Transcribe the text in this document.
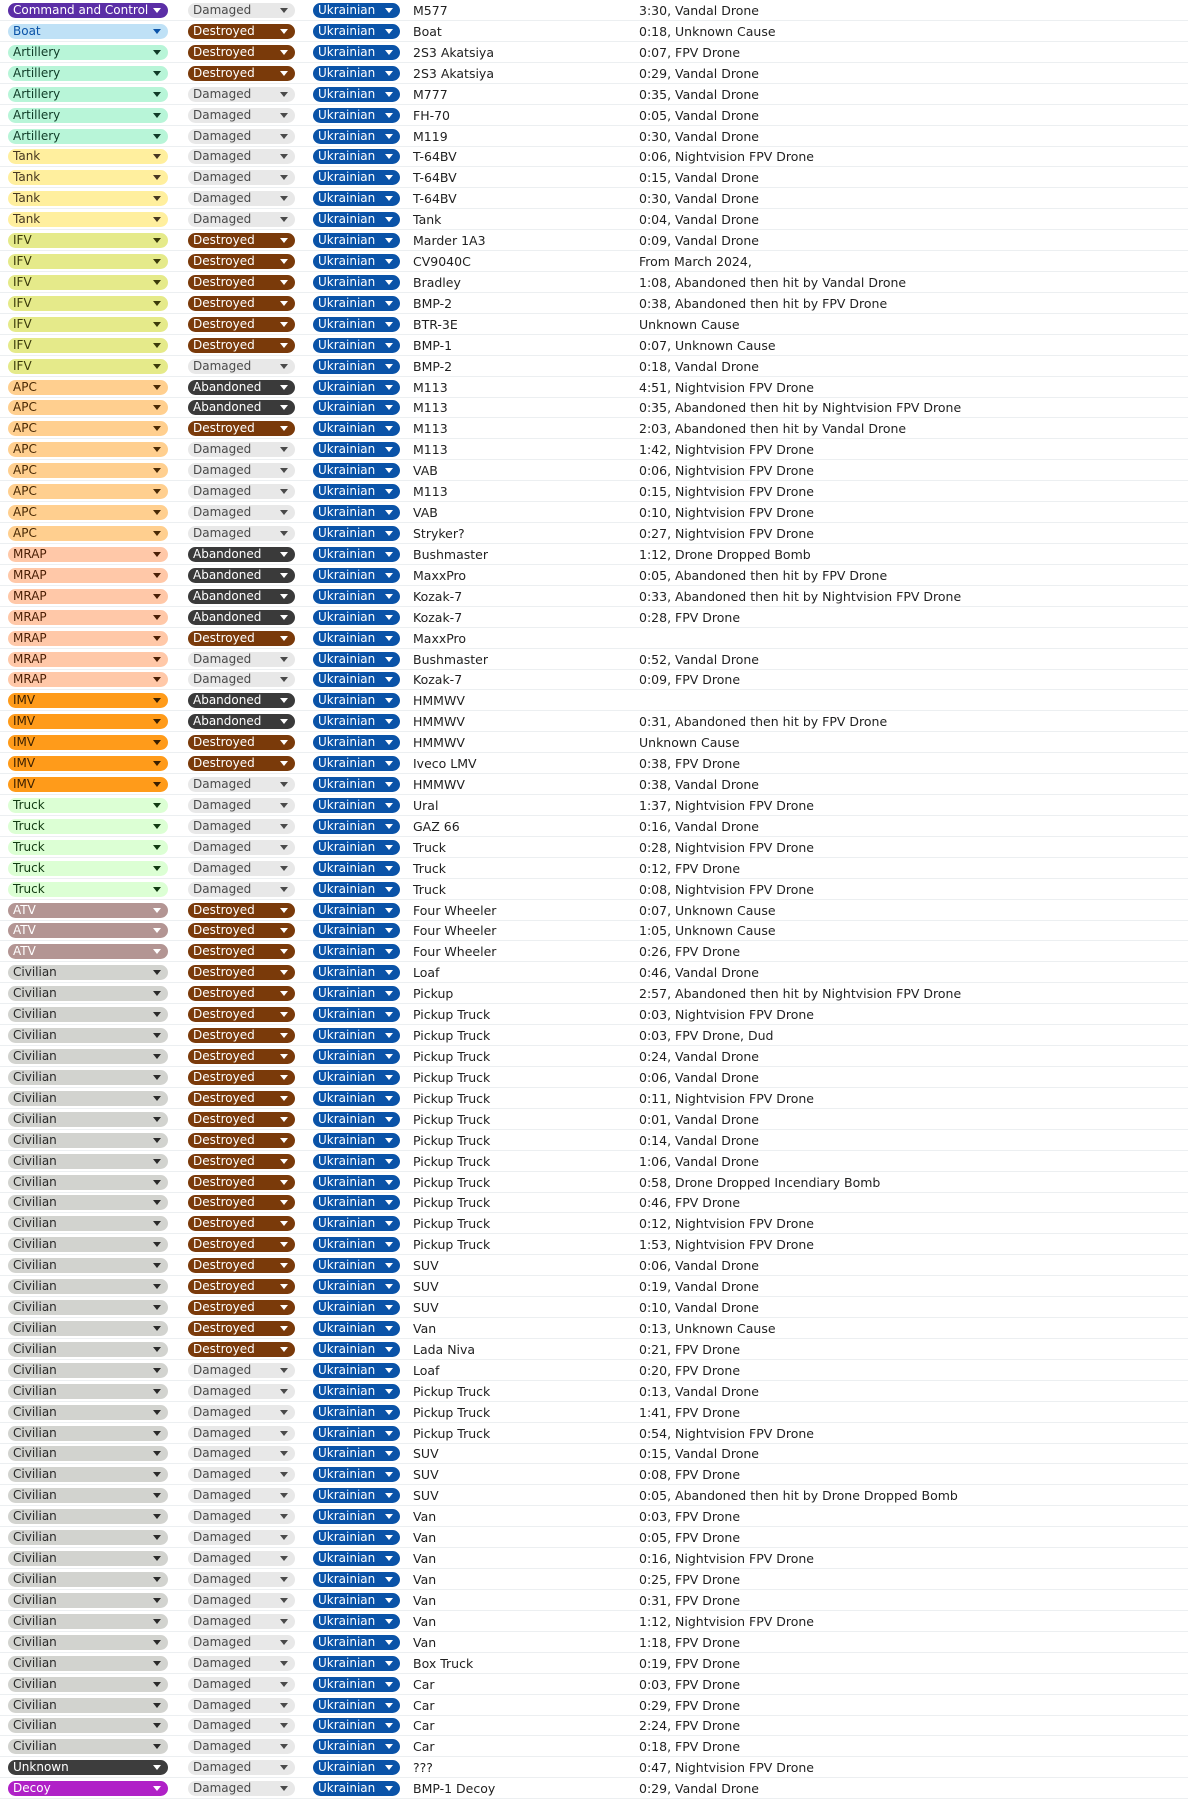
Command and Control	Damaged	Ukrainian	M577	3:30, Vandal Drone
Boat	Destroyed	Ukrainian	Boat	0:18, Unknown Cause
Artillery	Destroyed	Ukrainian	2S3 Akatsiya	0:07, FPV Drone
Artillery	Destroyed	Ukrainian	2S3 Akatsiya	0:29, Vandal Drone
Artillery	Damaged	Ukrainian	M777	0:35, Vandal Drone
Artillery	Damaged	Ukrainian	FH-70	0:05, Vandal Drone
Artillery	Damaged	Ukrainian	M119	0:30, Vandal Drone
Tank	Damaged	Ukrainian	T-64BV	0:06, Nightvision FPV Drone
Tank	Damaged	Ukrainian	T-64BV	0:15, Vandal Drone
Tank	Damaged	Ukrainian	T-64BV	0:30, Vandal Drone
Tank	Damaged	Ukrainian	Tank	0:04, Vandal Drone
IFV	Destroyed	Ukrainian	Marder 1A3	0:09, Vandal Drone
IFV	Destroyed	Ukrainian	CV9040C	From March 2024,
IFV	Destroyed	Ukrainian	Bradley	1:08, Abandoned then hit by Vandal Drone
IFV	Destroyed	Ukrainian	BMP-2	0:38, Abandoned then hit by FPV Drone
IFV	Destroyed	Ukrainian	BTR-3E	Unknown Cause
IFV	Destroyed	Ukrainian	BMP-1	0:07, Unknown Cause
IFV	Damaged	Ukrainian	BMP-2	0:18, Vandal Drone
APC	Abandoned	Ukrainian	M113	4:51, Nightvision FPV Drone
APC	Abandoned	Ukrainian	M113	0:35, Abandoned then hit by Nightvision FPV Drone
APC	Destroyed	Ukrainian	M113	2:03, Abandoned then hit by Vandal Drone
APC	Damaged	Ukrainian	M113	1:42, Nightvision FPV Drone
APC	Damaged	Ukrainian	VAB	0:06, Nightvision FPV Drone
APC	Damaged	Ukrainian	M113	0:15, Nightvision FPV Drone
APC	Damaged	Ukrainian	VAB	0:10, Nightvision FPV Drone
APC	Damaged	Ukrainian	Stryker?	0:27, Nightvision FPV Drone
MRAP	Abandoned	Ukrainian	Bushmaster	1:12, Drone Dropped Bomb
MRAP	Abandoned	Ukrainian	MaxxPro	0:05, Abandoned then hit by FPV Drone
MRAP	Abandoned	Ukrainian	Kozak-7	0:33, Abandoned then hit by Nightvision FPV Drone
MRAP	Abandoned	Ukrainian	Kozak-7	0:28, FPV Drone
MRAP	Destroyed	Ukrainian	MaxxPro
MRAP	Damaged	Ukrainian	Bushmaster	0:52, Vandal Drone
MRAP	Damaged	Ukrainian	Kozak-7	0:09, FPV Drone
IMV	Abandoned	Ukrainian	HMMWV
IMV	Abandoned	Ukrainian	HMMWV	0:31, Abandoned then hit by FPV Drone
IMV	Destroyed	Ukrainian	HMMWV	Unknown Cause
IMV	Destroyed	Ukrainian	Iveco LMV	0:38, FPV Drone
IMV	Damaged	Ukrainian	HMMWV	0:38, Vandal Drone
Truck	Damaged	Ukrainian	Ural	1:37, Nightvision FPV Drone
Truck	Damaged	Ukrainian	GAZ 66	0:16, Vandal Drone
Truck	Damaged	Ukrainian	Truck	0:28, Nightvision FPV Drone
Truck	Damaged	Ukrainian	Truck	0:12, FPV Drone
Truck	Damaged	Ukrainian	Truck	0:08, Nightvision FPV Drone
ATV	Destroyed	Ukrainian	Four Wheeler	0:07, Unknown Cause
ATV	Destroyed	Ukrainian	Four Wheeler	1:05, Unknown Cause
ATV	Destroyed	Ukrainian	Four Wheeler	0:26, FPV Drone
Civilian	Destroyed	Ukrainian	Loaf	0:46, Vandal Drone
Civilian	Destroyed	Ukrainian	Pickup	2:57, Abandoned then hit by Nightvision FPV Drone
Civilian	Destroyed	Ukrainian	Pickup Truck	0:03, Nightvision FPV Drone
Civilian	Destroyed	Ukrainian	Pickup Truck	0:03, FPV Drone, Dud
Civilian	Destroyed	Ukrainian	Pickup Truck	0:24, Vandal Drone
Civilian	Destroyed	Ukrainian	Pickup Truck	0:06, Vandal Drone
Civilian	Destroyed	Ukrainian	Pickup Truck	0:11, Nightvision FPV Drone
Civilian	Destroyed	Ukrainian	Pickup Truck	0:01, Vandal Drone
Civilian	Destroyed	Ukrainian	Pickup Truck	0:14, Vandal Drone
Civilian	Destroyed	Ukrainian	Pickup Truck	1:06, Vandal Drone
Civilian	Destroyed	Ukrainian	Pickup Truck	0:58, Drone Dropped Incendiary Bomb
Civilian	Destroyed	Ukrainian	Pickup Truck	0:46, FPV Drone
Civilian	Destroyed	Ukrainian	Pickup Truck	0:12, Nightvision FPV Drone
Civilian	Destroyed	Ukrainian	Pickup Truck	1:53, Nightvision FPV Drone
Civilian	Destroyed	Ukrainian	SUV	0:06, Vandal Drone
Civilian	Destroyed	Ukrainian	SUV	0:19, Vandal Drone
Civilian	Destroyed	Ukrainian	SUV	0:10, Vandal Drone
Civilian	Destroyed	Ukrainian	Van	0:13, Unknown Cause
Civilian	Destroyed	Ukrainian	Lada Niva	0:21, FPV Drone
Civilian	Damaged	Ukrainian	Loaf	0:20, FPV Drone
Civilian	Damaged	Ukrainian	Pickup Truck	0:13, Vandal Drone
Civilian	Damaged	Ukrainian	Pickup Truck	1:41, FPV Drone
Civilian	Damaged	Ukrainian	Pickup Truck	0:54, Nightvision FPV Drone
Civilian	Damaged	Ukrainian	SUV	0:15, Vandal Drone
Civilian	Damaged	Ukrainian	SUV	0:08, FPV Drone
Civilian	Damaged	Ukrainian	SUV	0:05, Abandoned then hit by Drone Dropped Bomb
Civilian	Damaged	Ukrainian	Van	0:03, FPV Drone
Civilian	Damaged	Ukrainian	Van	0:05, FPV Drone
Civilian	Damaged	Ukrainian	Van	0:16, Nightvision FPV Drone
Civilian	Damaged	Ukrainian	Van	0:25, FPV Drone
Civilian	Damaged	Ukrainian	Van	0:31, FPV Drone
Civilian	Damaged	Ukrainian	Van	1:12, Nightvision FPV Drone
Civilian	Damaged	Ukrainian	Van	1:18, FPV Drone
Civilian	Damaged	Ukrainian	Box Truck	0:19, FPV Drone
Civilian	Damaged	Ukrainian	Car	0:03, FPV Drone
Civilian	Damaged	Ukrainian	Car	0:29, FPV Drone
Civilian	Damaged	Ukrainian	Car	2:24, FPV Drone
Civilian	Damaged	Ukrainian	Car	0:18, FPV Drone
Unknown	Damaged	Ukrainian	???	0:47, Nightvision FPV Drone
Decoy	Damaged	Ukrainian	BMP-1 Decoy	0:29, Vandal Drone
